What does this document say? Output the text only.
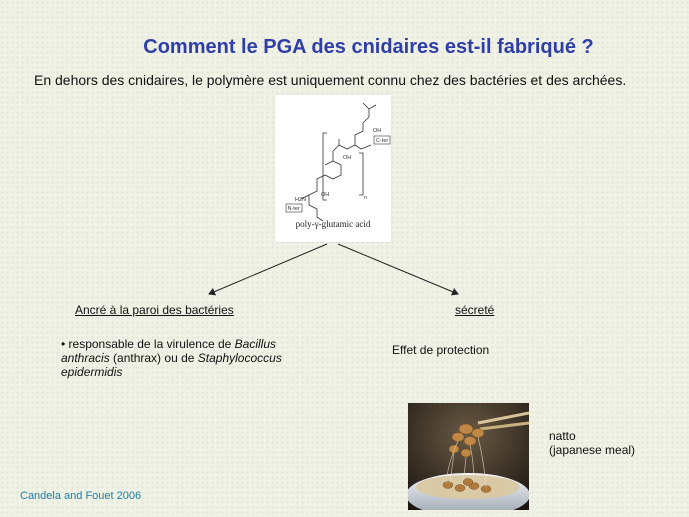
Comment le PGA des cnidaires est-il fabriqué ?
En dehors des cnidaires, le polymère est uniquement connu chez des bactéries et des archées.
C-ter
N-ter
OH
OH
OH
H2N	n
poly-γ-glutamic acid
Ancré à la paroi des bactéries	sécreté
• responsable de la virulence de Bacillus anthracis (anthrax) ou de Staphylococcus epidermidis
Effet de protection
natto
(japanese meal)
Candela and Fouet 2006
